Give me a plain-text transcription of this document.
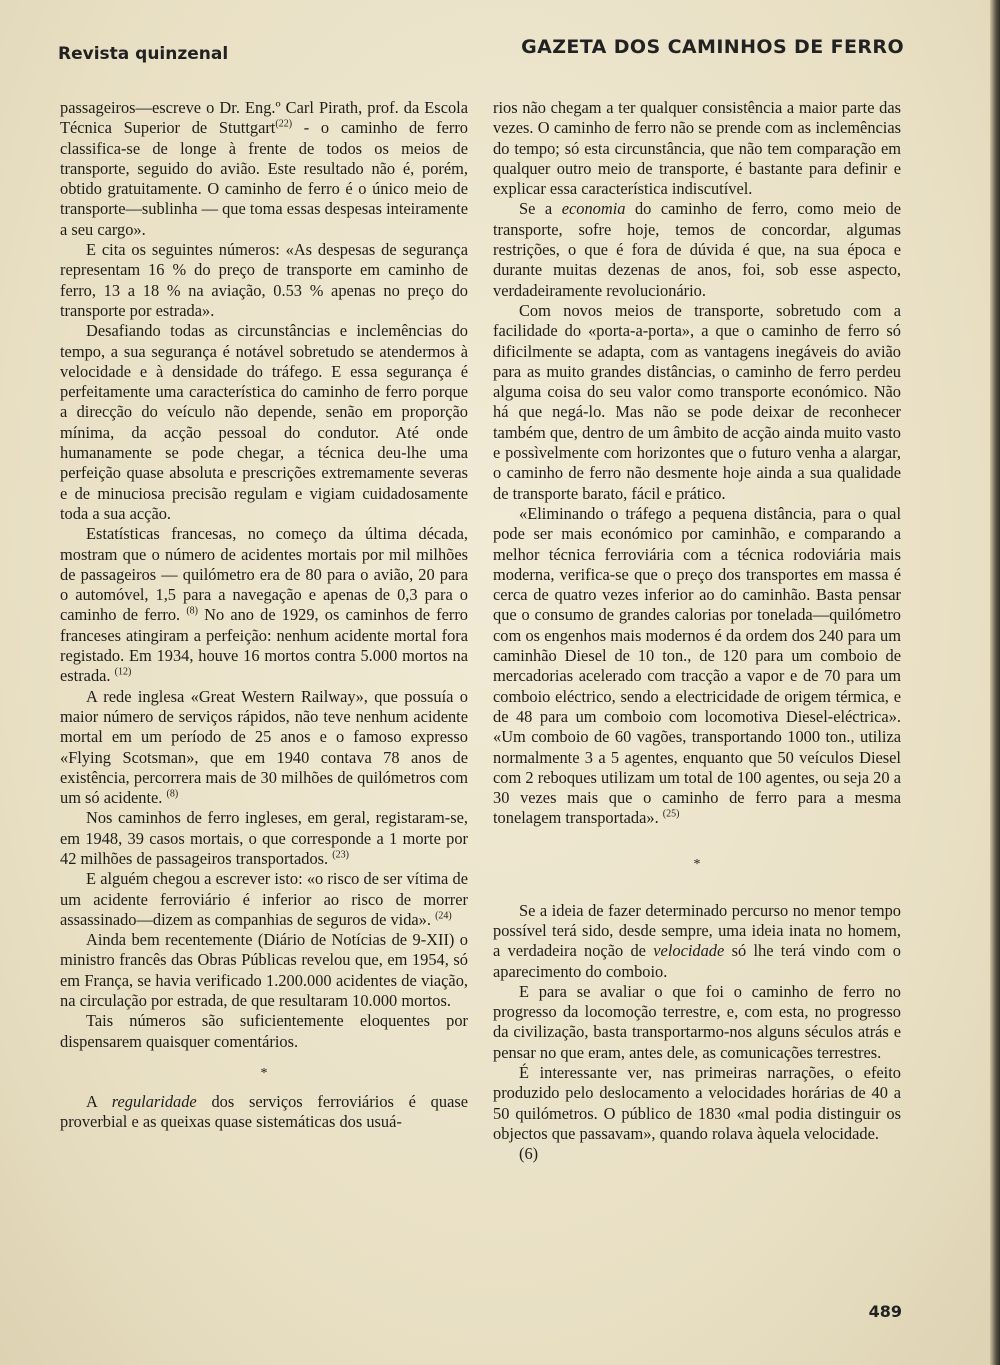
Revista quinzenal	GAZETA DOS CAMINHOS DE FERRO

passageiros—escreve o Dr. Eng.º Carl Pirath, prof. da Escola Técnica Superior de Stuttgart$^{(22)}$ - o caminho de ferro classifica-se de longe à frente de todos os meios de transporte, seguido do avião. Este resultado não é, porém, obtido gratuitamente. O caminho de ferro é o único meio de transporte—sublinha — que toma essas despesas inteiramente a seu cargo».

E cita os seguintes números: «As despesas de segurança representam 16 % do preço de transporte em caminho de ferro, 13 a 18 % na aviação, 0.53 % apenas no preço do transporte por estrada».

Desafiando todas as circunstâncias e inclemências do tempo, a sua segurança é notável sobretudo se atendermos à velocidade e à densidade do tráfego. E essa segurança é perfeitamente uma característica do caminho de ferro porque a direcção do veículo não depende, senão em proporção mínima, da acção pessoal do condutor. Até onde humanamente se pode chegar, a técnica deu-lhe uma perfeição quase absoluta e prescrições extremamente severas e de minuciosa precisão regulam e vigiam cuidadosamente toda a sua acção.

Estatísticas francesas, no começo da última década, mostram que o número de acidentes mortais por mil milhões de passageiros — quilómetro era de 80 para o avião, 20 para o automóvel, 1,5 para a navegação e apenas de 0,3 para o caminho de ferro. $^{(8)}$ No ano de 1929, os caminhos de ferro franceses atingiram a perfeição: nenhum acidente mortal fora registado. Em 1934, houve 16 mortos contra 5.000 mortos na estrada. $^{(12)}$

A rede inglesa «Great Western Railway», que possuía o maior número de serviços rápidos, não teve nenhum acidente mortal em um período de 25 anos e o famoso expresso «Flying Scotsman», que em 1940 contava 78 anos de existência, percorrera mais de 30 milhões de quilómetros com um só acidente. $^{(8)}$

Nos caminhos de ferro ingleses, em geral, registaram-se, em 1948, 39 casos mortais, o que corresponde a 1 morte por 42 milhões de passageiros transportados. $^{(23)}$

E alguém chegou a escrever isto: «o risco de ser vítima de um acidente ferroviário é inferior ao risco de morrer assassinado—dizem as companhias de seguros de vida». $^{(24)}$

Ainda bem recentemente (Diário de Notícias de 9-XII) o ministro francês das Obras Públicas revelou que, em 1954, só em França, se havia verificado 1.200.000 acidentes de viação, na circulação por estrada, de que resultaram 10.000 mortos.

Tais números são suficientemente eloquentes por dispensarem quaisquer comentários.

*

A regularidade dos serviços ferroviários é quase proverbial e as queixas quase sistemáticas dos usuá-

rios não chegam a ter qualquer consistência a maior parte das vezes. O caminho de ferro não se prende com as inclemências do tempo; só esta circunstância, que não tem comparação em qualquer outro meio de transporte, é bastante para definir e explicar essa característica indiscutível.

Se a economia do caminho de ferro, como meio de transporte, sofre hoje, temos de concordar, algumas restrições, o que é fora de dúvida é que, na sua época e durante muitas dezenas de anos, foi, sob esse aspecto, verdadeiramente revolucionário.

Com novos meios de transporte, sobretudo com a facilidade do «porta-a-porta», a que o caminho de ferro só dificilmente se adapta, com as vantagens inegáveis do avião para as muito grandes distâncias, o caminho de ferro perdeu alguma coisa do seu valor como transporte económico. Não há que negá-lo. Mas não se pode deixar de reconhecer também que, dentro de um âmbito de acção ainda muito vasto e possìvelmente com horizontes que o futuro venha a alargar, o caminho de ferro não desmente hoje ainda a sua qualidade de transporte barato, fácil e prático.

«Eliminando o tráfego a pequena distância, para o qual pode ser mais económico por caminhão, e comparando a melhor técnica ferroviária com a técnica rodoviária mais moderna, verifica-se que o preço dos transportes em massa é cerca de quatro vezes inferior ao do caminhão. Basta pensar que o consumo de grandes calorias por tonelada—quilómetro com os engenhos mais modernos é da ordem dos 240 para um caminhão Diesel de 10 ton., de 120 para um comboio de mercadorias acelerado com tracção a vapor e de 70 para um comboio eléctrico, sendo a electricidade de origem térmica, e de 48 para um comboio com locomotiva Diesel-eléctrica». «Um comboio de 60 vagões, transportando 1000 ton., utiliza normalmente 3 a 5 agentes, enquanto que 50 veículos Diesel com 2 reboques utilizam um total de 100 agentes, ou seja 20 a 30 vezes mais que o caminho de ferro para a mesma tonelagem transportada». $^{(25)}$

*

Se a ideia de fazer determinado percurso no menor tempo possível terá sido, desde sempre, uma ideia inata no homem, a verdadeira noção de velocidade só lhe terá vindo com o aparecimento do comboio.

E para se avaliar o que foi o caminho de ferro no progresso da locomoção terrestre, e, com esta, no progresso da civilização, basta transportarmo-nos alguns séculos atrás e pensar no que eram, antes dele, as comunicações terrestres.

É interessante ver, nas primeiras narrações, o efeito produzido pelo deslocamento a velocidades horárias de 40 a 50 quilómetros. O público de 1830 «mal podia distinguir os objectos que passavam», quando rolava àquela velocidade.

(6)

489
